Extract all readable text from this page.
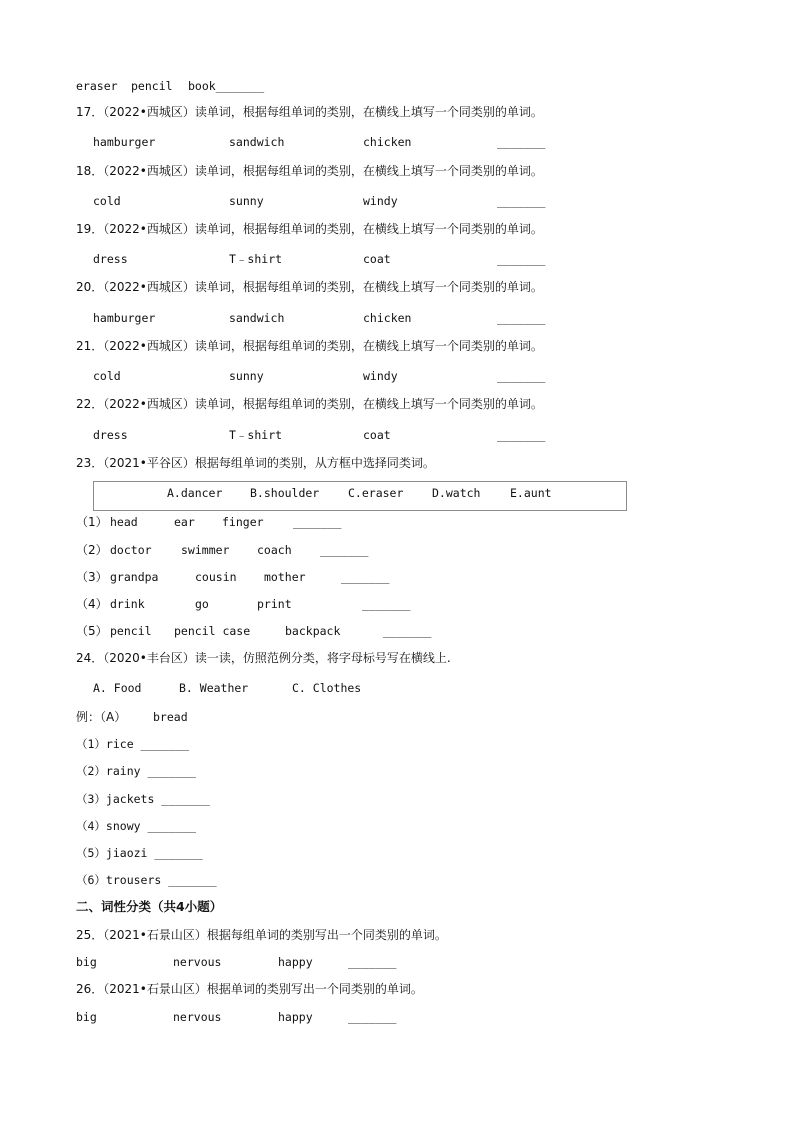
eraser pencil book_______
17．（2022•西城区）读单词，根据每组单词的类别，在横线上填写一个同类别的单词。
hamburger	sandwich	chicken	_______
18．（2022•西城区）读单词，根据每组单词的类别，在横线上填写一个同类别的单词。
cold	sunny	windy	_______
19．（2022•西城区）读单词，根据每组单词的类别，在横线上填写一个同类别的单词。
dress	T﹣shirt	coat	_______
20．（2022•西城区）读单词，根据每组单词的类别，在横线上填写一个同类别的单词。
hamburger	sandwich	chicken	_______
21．（2022•西城区）读单词，根据每组单词的类别，在横线上填写一个同类别的单词。
cold	sunny	windy	_______
22．（2022•西城区）读单词，根据每组单词的类别，在横线上填写一个同类别的单词。
dress	T﹣shirt	coat	_______
23．（2021•平谷区）根据每组单词的类别，从方框中选择同类词。
A.dancer B.shoulder	C.eraser D.watch	E.aunt
（1） head	ear finger	_______
（2） doctor	swimmer coach _______
（3） grandpa	cousin mother	_______
（4） drink	go	print	_______
（5） pencil pencil case	backpack	_______
24．（2020•丰台区）读一读，仿照范例分类，将字母标号写在横线上.
A. Food	B. Weather	C. Clothes
例：（A） bread
（1）rice _______
（2）rainy _______
（3）jackets _______
（4）snowy _______
（5）jiaozi _______
（6）trousers _______
二、词性分类（共4小题）
25．（2021•石景山区）根据每组单词的类别写出一个同类别的单词。
big	nervous	happy	_______
26．（2021•石景山区）根据单词的类别写出一个同类别的单词。
big	nervous	happy	_______
